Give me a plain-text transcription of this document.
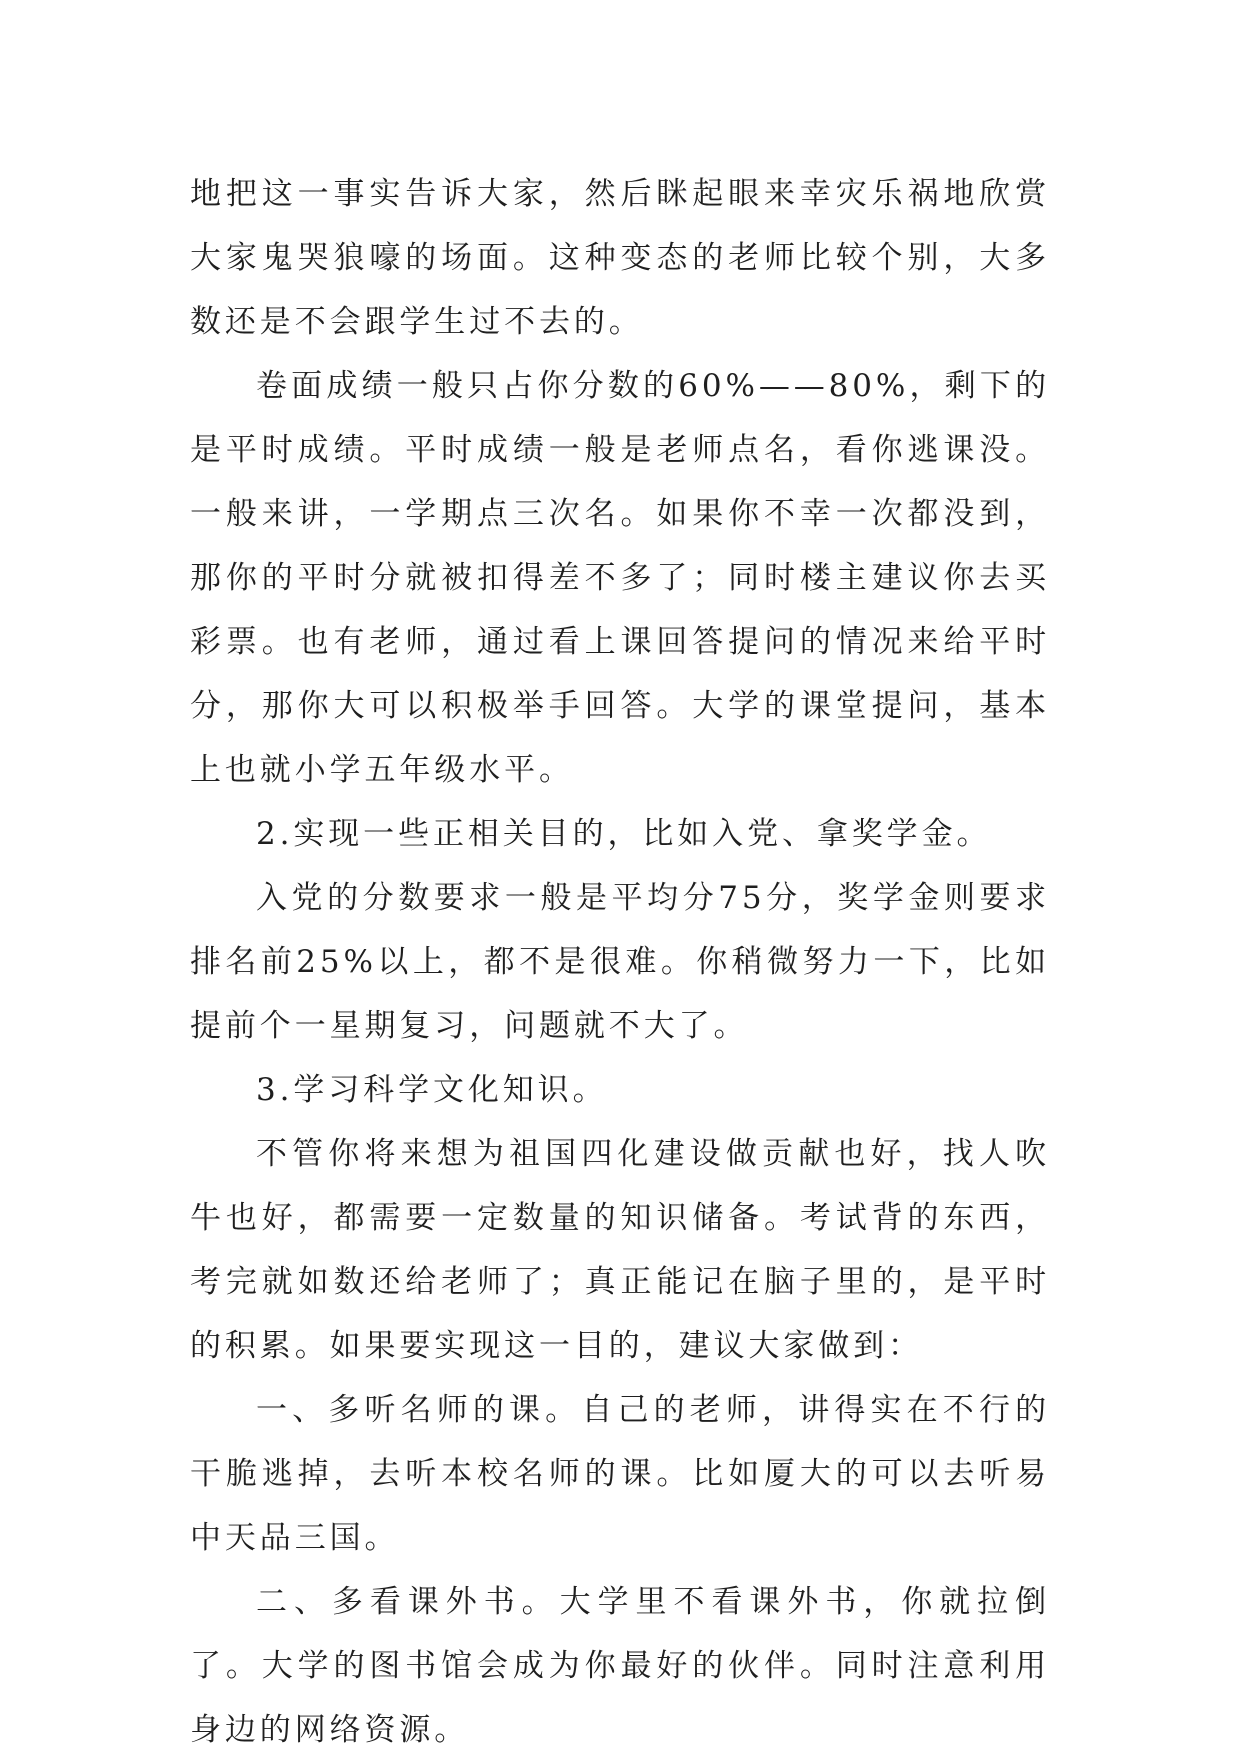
地把这一事实告诉大家，然后眯起眼来幸灾乐祸地欣赏大家鬼哭狼嚎的场面。这种变态的老师比较个别，大多数还是不会跟学生过不去的。

卷面成绩一般只占你分数的60%——80%，剩下的是平时成绩。平时成绩一般是老师点名，看你逃课没。一般来讲，一学期点三次名。如果你不幸一次都没到，那你的平时分就被扣得差不多了；同时楼主建议你去买彩票。也有老师，通过看上课回答提问的情况来给平时分，那你大可以积极举手回答。大学的课堂提问，基本上也就小学五年级水平。

2.实现一些正相关目的，比如入党、拿奖学金。

入党的分数要求一般是平均分75分，奖学金则要求排名前25%以上，都不是很难。你稍微努力一下，比如提前个一星期复习，问题就不大了。

3.学习科学文化知识。

不管你将来想为祖国四化建设做贡献也好，找人吹牛也好，都需要一定数量的知识储备。考试背的东西，考完就如数还给老师了；真正能记在脑子里的，是平时的积累。如果要实现这一目的，建议大家做到：

一、多听名师的课。自己的老师，讲得实在不行的干脆逃掉，去听本校名师的课。比如厦大的可以去听易中天品三国。

二、多看课外书。大学里不看课外书，你就拉倒了。大学的图书馆会成为你最好的伙伴。同时注意利用身边的网络资源。
